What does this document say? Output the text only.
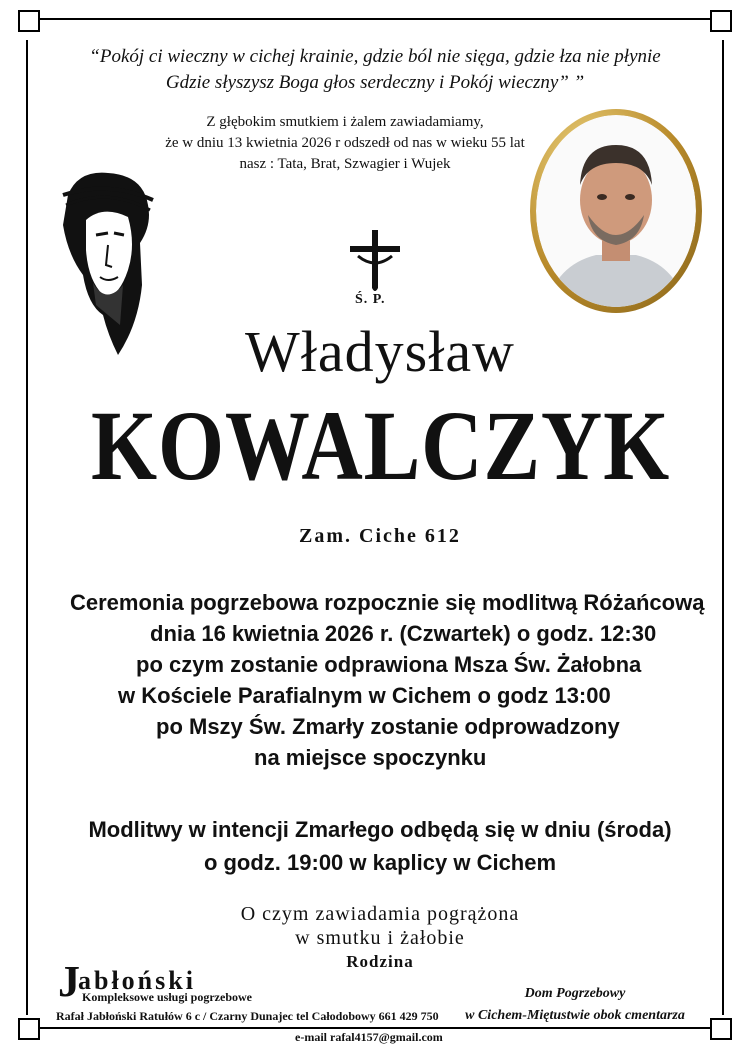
“Pokój ci wieczny w cichej krainie, gdzie ból nie sięga, gdzie łza nie płynie
Gdzie słyszysz Boga głos serdeczny i Pokój wieczny” ”
Z głębokim smutkiem i żalem zawiadamiamy,
że w dniu 13 kwietnia 2026 r odszedł od nas w wieku 55 lat
nasz : Tata, Brat, Szwagier i Wujek
Ś. P.
Władysław
KOWALCZYK
Zam. Ciche 612
Ceremonia pogrzebowa rozpocznie się modlitwą Różańcową
dnia 16 kwietnia 2026 r. (Czwartek) o godz. 12:30
po czym zostanie odprawiona Msza Św. Żałobna
w Kościele Parafialnym w Cichem o godz 13:00
po Mszy Św. Zmarły zostanie odprowadzony
na miejsce spoczynku
Modlitwy w intencji Zmarłego odbędą się w dniu (środa)
o godz. 19:00 w kaplicy w Cichem
O czym zawiadamia pogrążona
w smutku i żałobie
Rodzina
J
abłoński
Kompleksowe usługi pogrzebowe
Rafał Jabłoński Ratułów 6 c / Czarny Dunajec tel Całodobowy 661 429 750
e-mail rafal4157@gmail.com
Dom Pogrzebowy
w Cichem-Miętustwie obok cmentarza
